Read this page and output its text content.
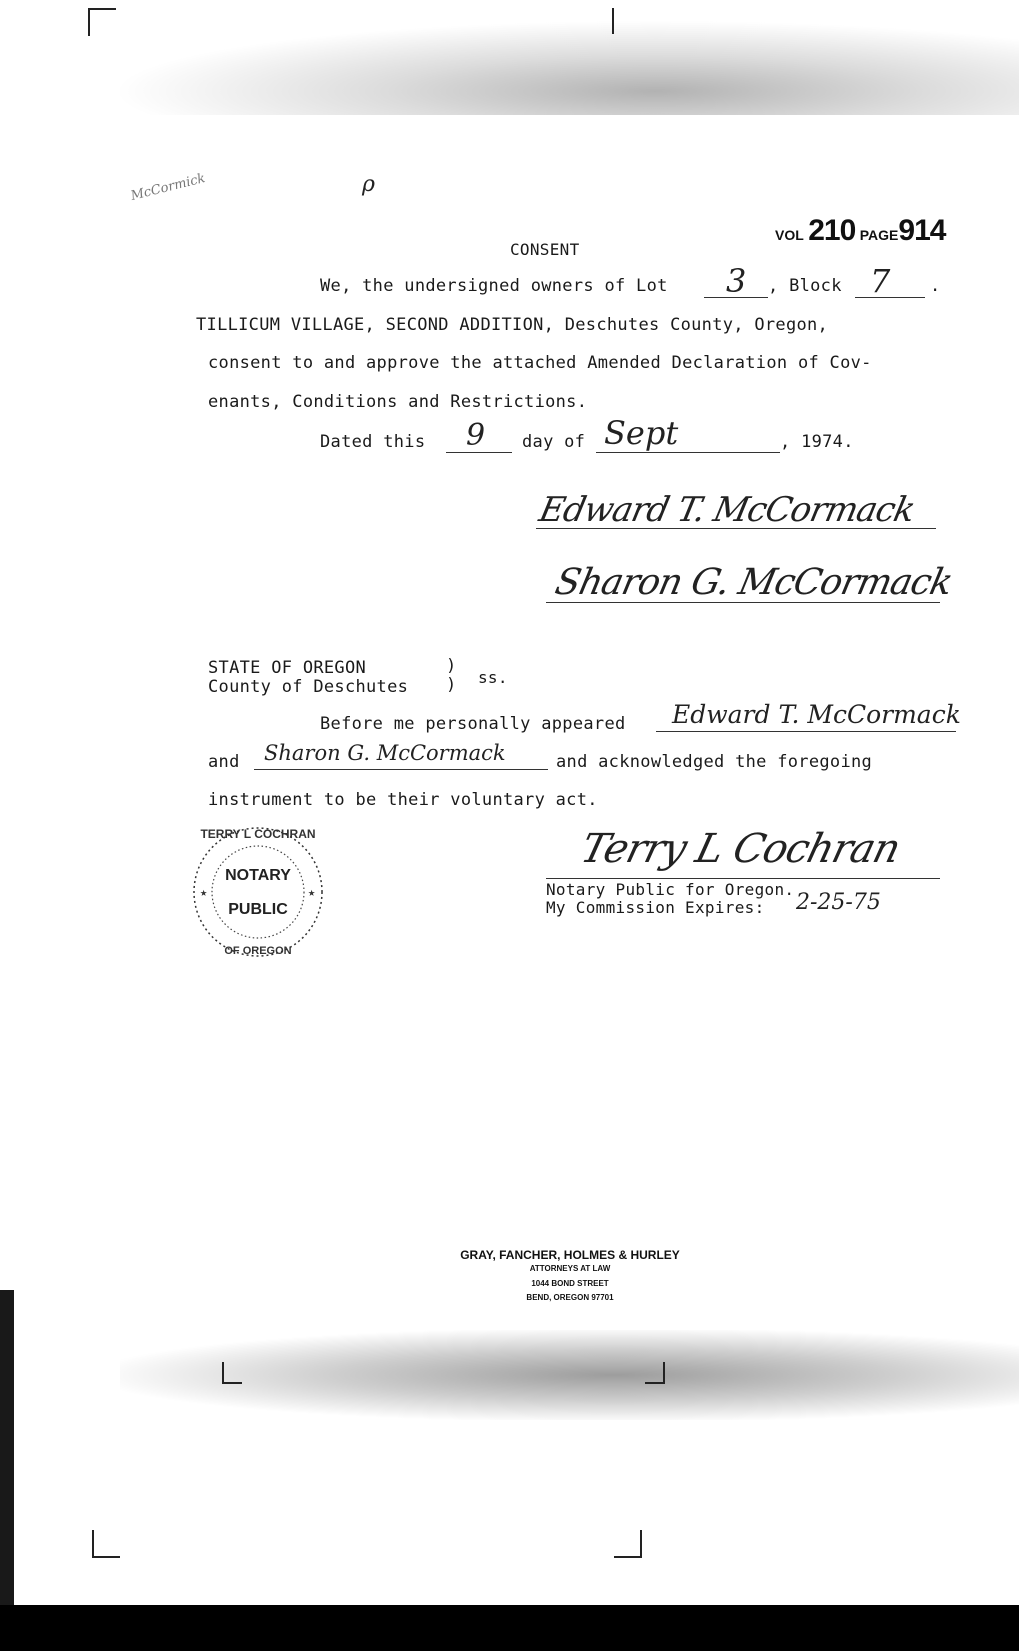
McCormick	ρ
VOL 210 PAGE914
CONSENT
We, the undersigned owners of Lot 3 , Block 7 .
TILLICUM VILLAGE, SECOND ADDITION, Deschutes County, Oregon,
consent to and approve the attached Amended Declaration of Cov-
enants, Conditions and Restrictions.
Dated this 9 day of Sept	, 1974.
Edward T. McCormack
Sharon G. McCormack
STATE OF OREGON
County of Deschutes
)
) ss.
Before me personally appeared Edward T. McCormack
and Sharon G. McCormack	and acknowledged the foregoing
instrument to be their voluntary act.
TERRY L COCHRAN
NOTARY
PUBLIC
OF OREGON
★	★
Terry L Cochran
Notary Public for Oregon.
My Commission Expires: 2-25-75
GRAY, FANCHER, HOLMES & HURLEY
ATTORNEYS AT LAW
1044 BOND STREET
BEND, OREGON 97701
